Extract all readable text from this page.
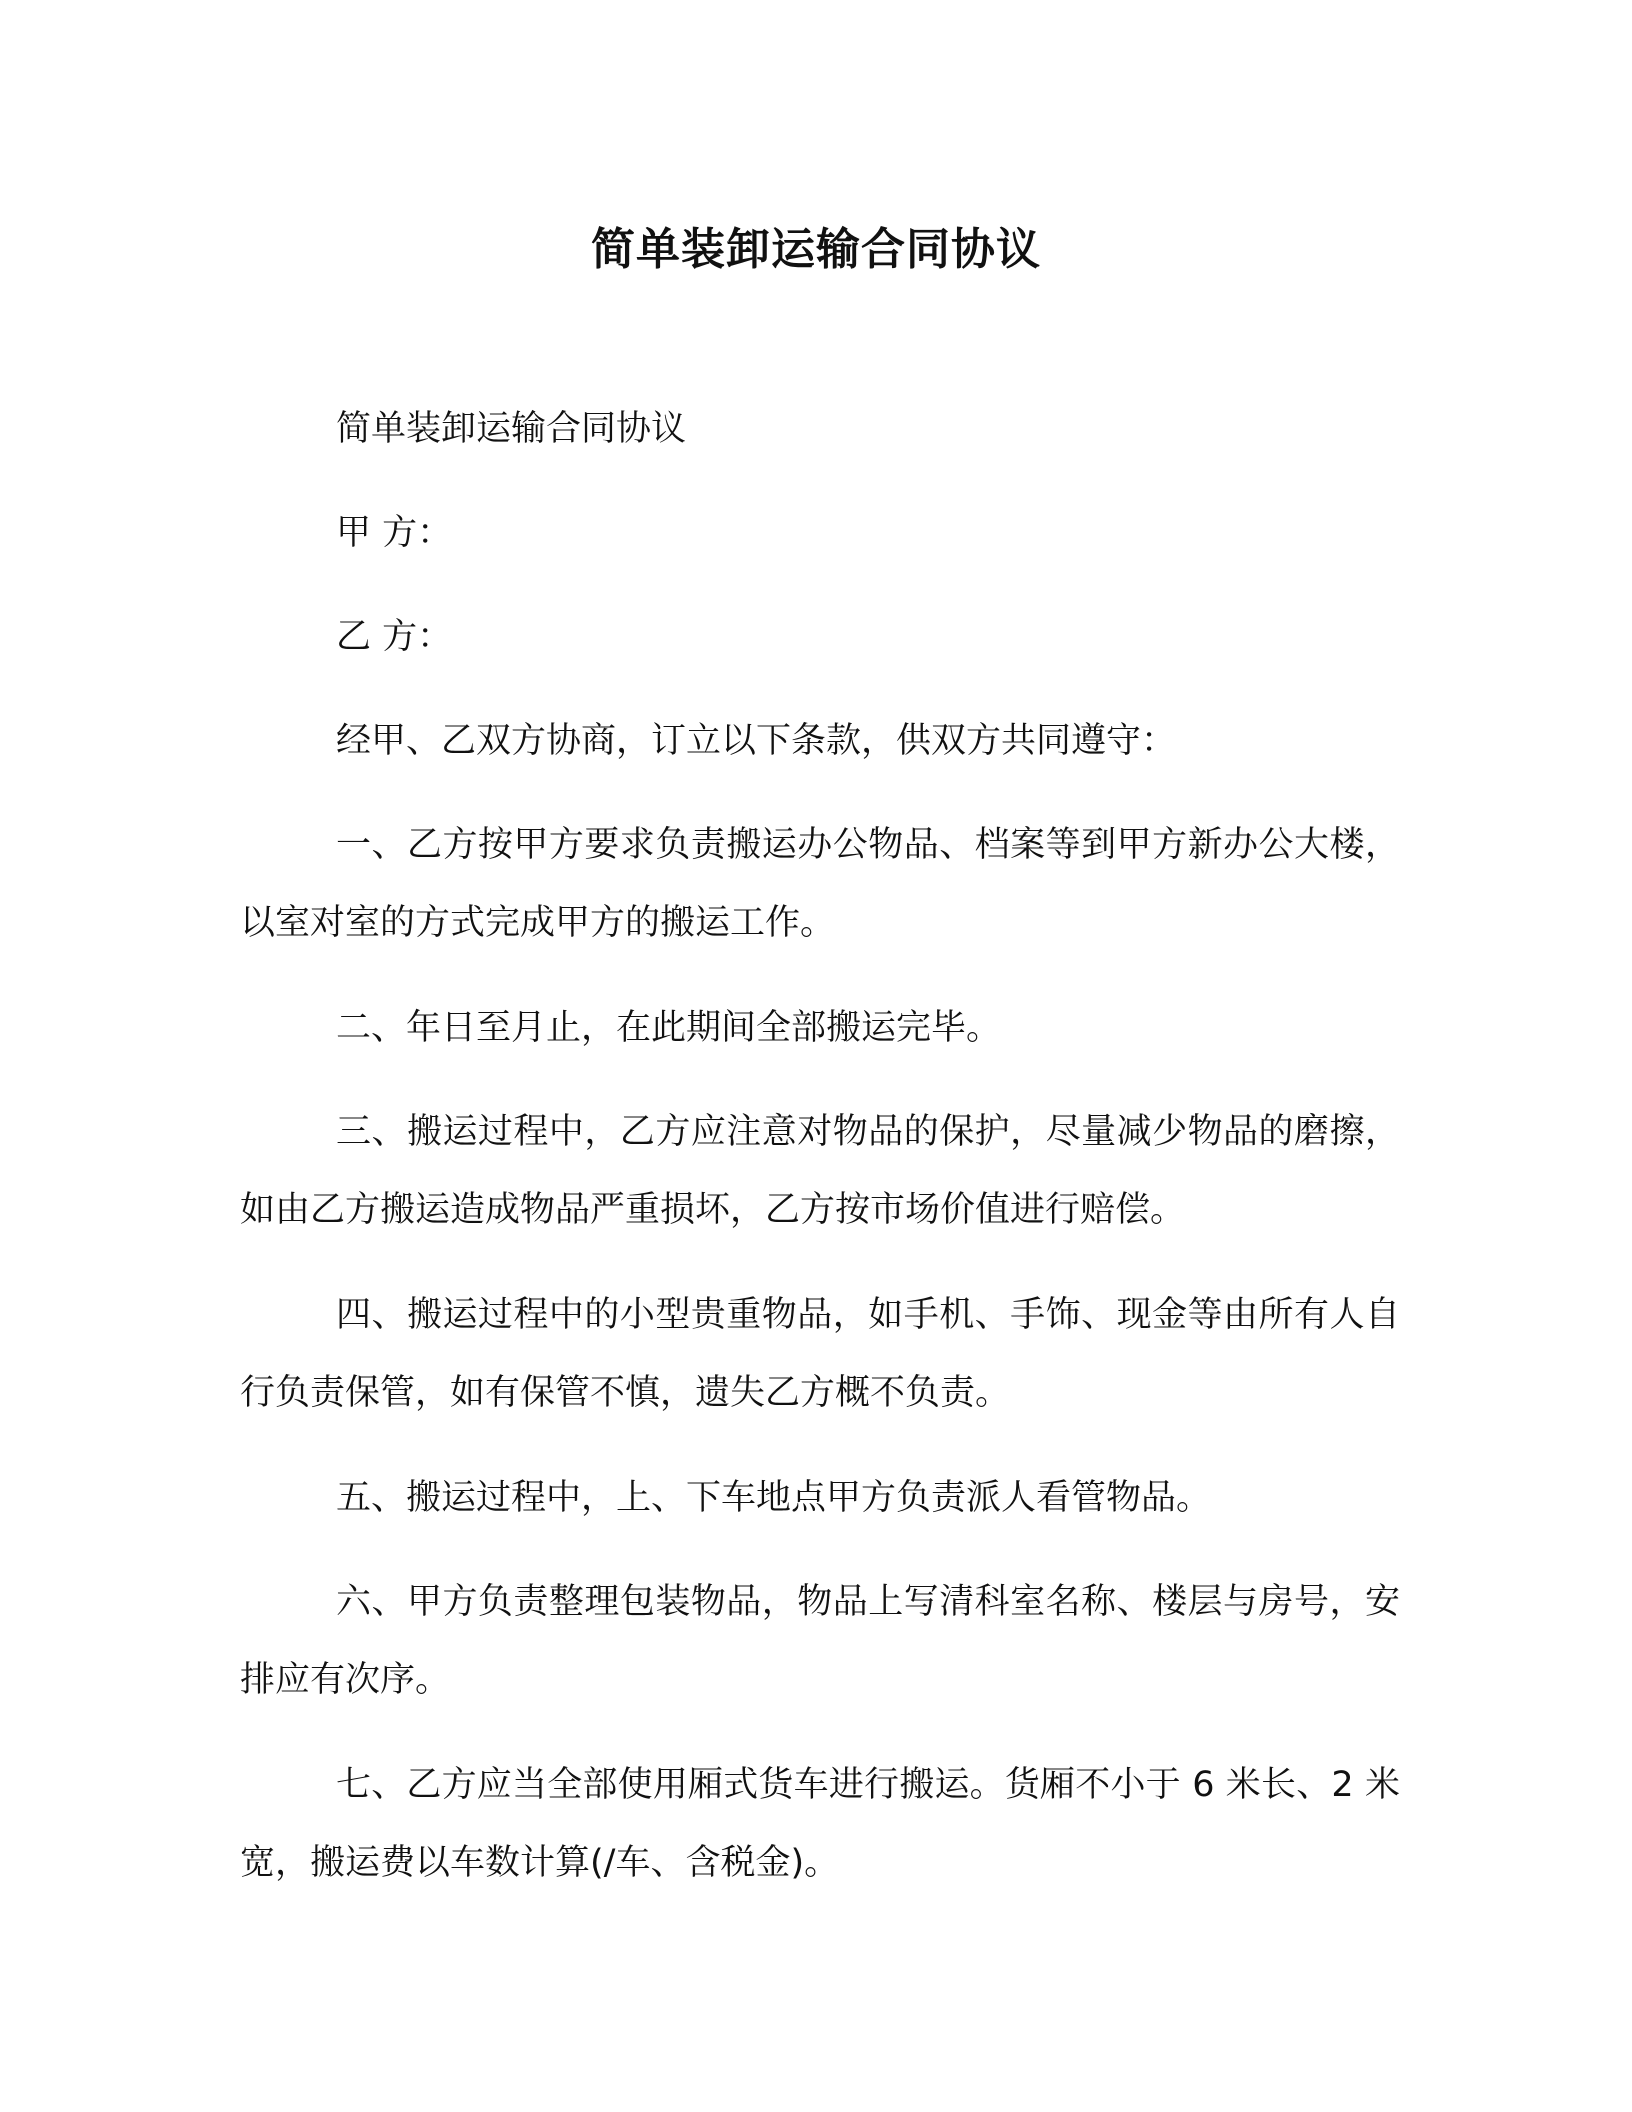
简单装卸运输合同协议

简单装卸运输合同协议

甲 方：

乙 方：

经甲、乙双方协商，订立以下条款，供双方共同遵守：

一、乙方按甲方要求负责搬运办公物品、档案等到甲方新办公大楼，以室对室的方式完成甲方的搬运工作。

二、年日至月止，在此期间全部搬运完毕。

三、搬运过程中，乙方应注意对物品的保护，尽量减少物品的磨擦，如由乙方搬运造成物品严重损坏，乙方按市场价值进行赔偿。

四、搬运过程中的小型贵重物品，如手机、手饰、现金等由所有人自行负责保管，如有保管不慎，遗失乙方概不负责。

五、搬运过程中，上、下车地点甲方负责派人看管物品。

六、甲方负责整理包装物品，物品上写清科室名称、楼层与房号，安排应有次序。

七、乙方应当全部使用厢式货车进行搬运。货厢不小于 6 米长、2 米宽，搬运费以车数计算(/车、含税金)。
